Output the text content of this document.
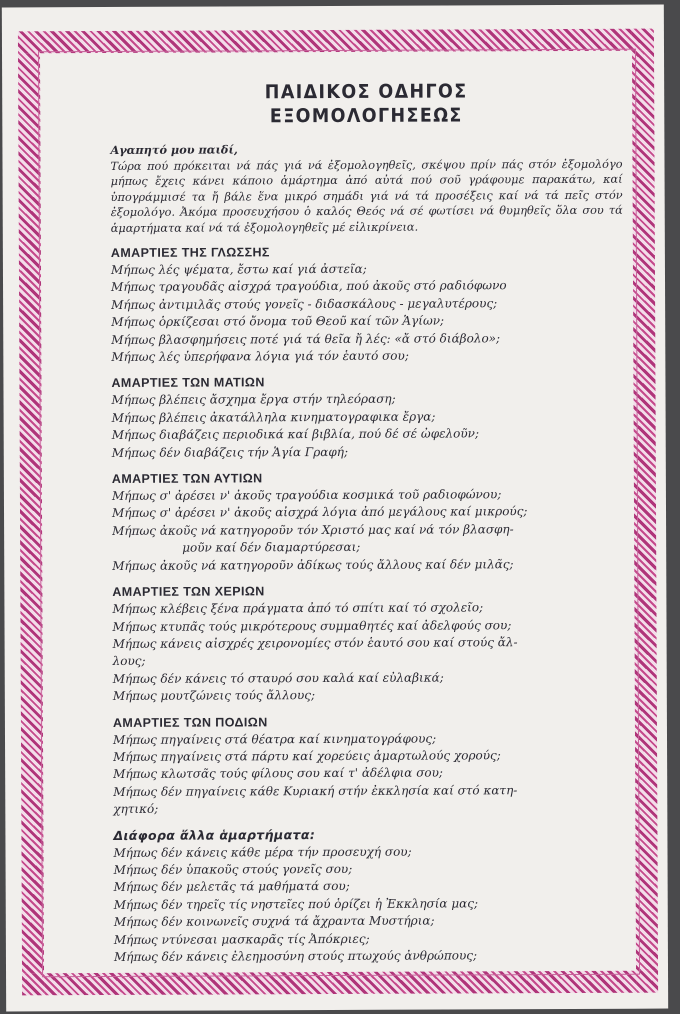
ΠΑΙΔΙΚΟΣ ΟΔΗΓΟΣ
ΕΞΟΜΟΛΟΓΗΣΕΩΣ
Αγαπητό μου παιδί,
Τώρα πού πρόκειται νά πάς γιά νά ἐξομολογηθεῖς, σκέψου πρίν πάς στόν ἐξομολόγο μήπως ἔχεις κάνει κάποιο ἁμάρτημα ἀπό αὐτά πού σοῦ γράφουμε παρακάτω, καί ὑπογράμμισέ τα ἤ βάλε ἕνα μικρό σημάδι γιά νά τά προσέξεις καί νά τά πεῖς στόν ἐξομολόγο. Ἀκόμα προσευχήσου ὁ καλός Θεός νά σέ φωτίσει νά θυμηθεῖς ὅλα σου τά ἁμαρτήματα καί νά τά ἐξομολογηθεῖς μέ εἰλικρίνεια.
ΑΜΑΡΤΙΕΣ ΤΗΣ ΓΛΩΣΣΗΣ
Μήπως λές ψέματα, ἔστω καί γιά ἀστεῖα;
Μήπως τραγουδᾶς αἰσχρά τραγούδια, πού ἀκοῦς στό ραδιόφωνο
Μήπως ἀντιμιλᾶς στούς γονεῖς - διδασκάλους - μεγαλυτέρους;
Μήπως ὁρκίζεσαι στό ὄνομα τοῦ Θεοῦ καί τῶν Ἁγίων;
Μήπως βλασφημήσεις ποτέ γιά τά θεῖα ἤ λές: «ἄ στό διάβολο»;
Μήπως λές ὑπερήφανα λόγια γιά τόν ἑαυτό σου;
ΑΜΑΡΤΙΕΣ ΤΩΝ ΜΑΤΙΩΝ
Μήπως βλέπεις ἄσχημα ἔργα στήν τηλεόραση;
Μήπως βλέπεις ἀκατάλληλα κινηματογραφικα ἔργα;
Μήπως διαβάζεις περιοδικά καί βιβλία, πού δέ σέ ὠφελοῦν;
Μήπως δέν διαβάζεις τήν Ἁγία Γραφή;
ΑΜΑΡΤΙΕΣ ΤΩΝ ΑΥΤΙΩΝ
Μήπως σ' ἀρέσει ν' ἀκοῦς τραγούδια κοσμικά τοῦ ραδιοφώνου;
Μήπως σ' ἀρέσει ν' ἀκοῦς αἰσχρά λόγια ἀπό μεγάλους καί μικρούς;
Μήπως ἀκοῦς νά κατηγοροῦν τόν Χριστό μας καί νά τόν βλασφη-
μοῦν καί δέν διαμαρτύρεσαι;
Μήπως ἀκοῦς νά κατηγοροῦν ἀδίκως τούς ἄλλους καί δέν μιλᾶς;
ΑΜΑΡΤΙΕΣ ΤΩΝ ΧΕΡΙΩΝ
Μήπως κλέβεις ξένα πράγματα ἀπό τό σπίτι καί τό σχολεῖο;
Μήπως κτυπᾶς τούς μικρότερους συμμαθητές καί ἀδελφούς σου;
Μήπως κάνεις αἰσχρές χειρονομίες στόν ἑαυτό σου καί στούς ἄλ-
λους;
Μήπως δέν κάνεις τό σταυρό σου καλά καί εὐλαβικά;
Μήπως μουτζώνεις τούς ἄλλους;
ΑΜΑΡΤΙΕΣ ΤΩΝ ΠΟΔΙΩΝ
Μήπως πηγαίνεις στά θέατρα καί κινηματογράφους;
Μήπως πηγαίνεις στά πάρτυ καί χορεύεις ἁμαρτωλούς χορούς;
Μήπως κλωτσᾶς τούς φίλους σου καί τ' ἀδέλφια σου;
Μήπως δέν πηγαίνεις κάθε Κυριακή στήν ἐκκλησία καί στό κατη-
χητικό;
Διάφορα ἄλλα ἁμαρτήματα:
Μήπως δέν κάνεις κάθε μέρα τήν προσευχή σου;
Μήπως δέν ὑπακοῦς στούς γονεῖς σου;
Μήπως δέν μελετᾶς τά μαθήματά σου;
Μήπως δέν τηρεῖς τίς νηστεῖες πού ὁρίζει ἡ Ἐκκλησία μας;
Μήπως δέν κοινωνεῖς συχνά τά ἄχραντα Μυστήρια;
Μήπως ντύνεσαι μασκαρᾶς τίς Ἀπόκριες;
Μήπως δέν κάνεις ἐλεημοσύνη στούς πτωχούς ἀνθρώπους;
